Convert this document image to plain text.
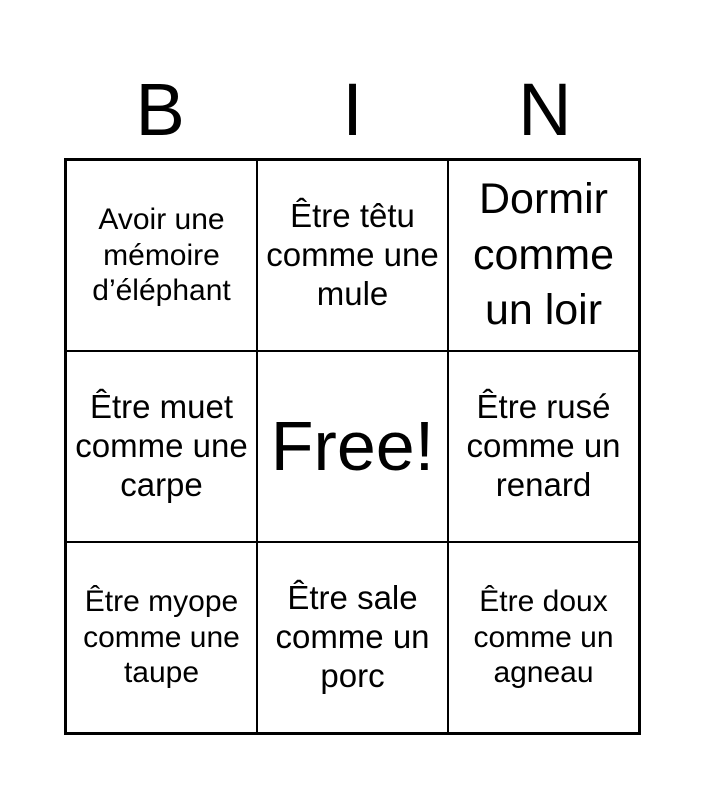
B	I	N
Avoir une mémoire d’éléphant
Être têtu comme une mule
Dormir comme un loir
Être muet comme une carpe Free!
Être rusé comme un renard
Être myope comme une taupe
Être sale comme un porc
Être doux comme un agneau
